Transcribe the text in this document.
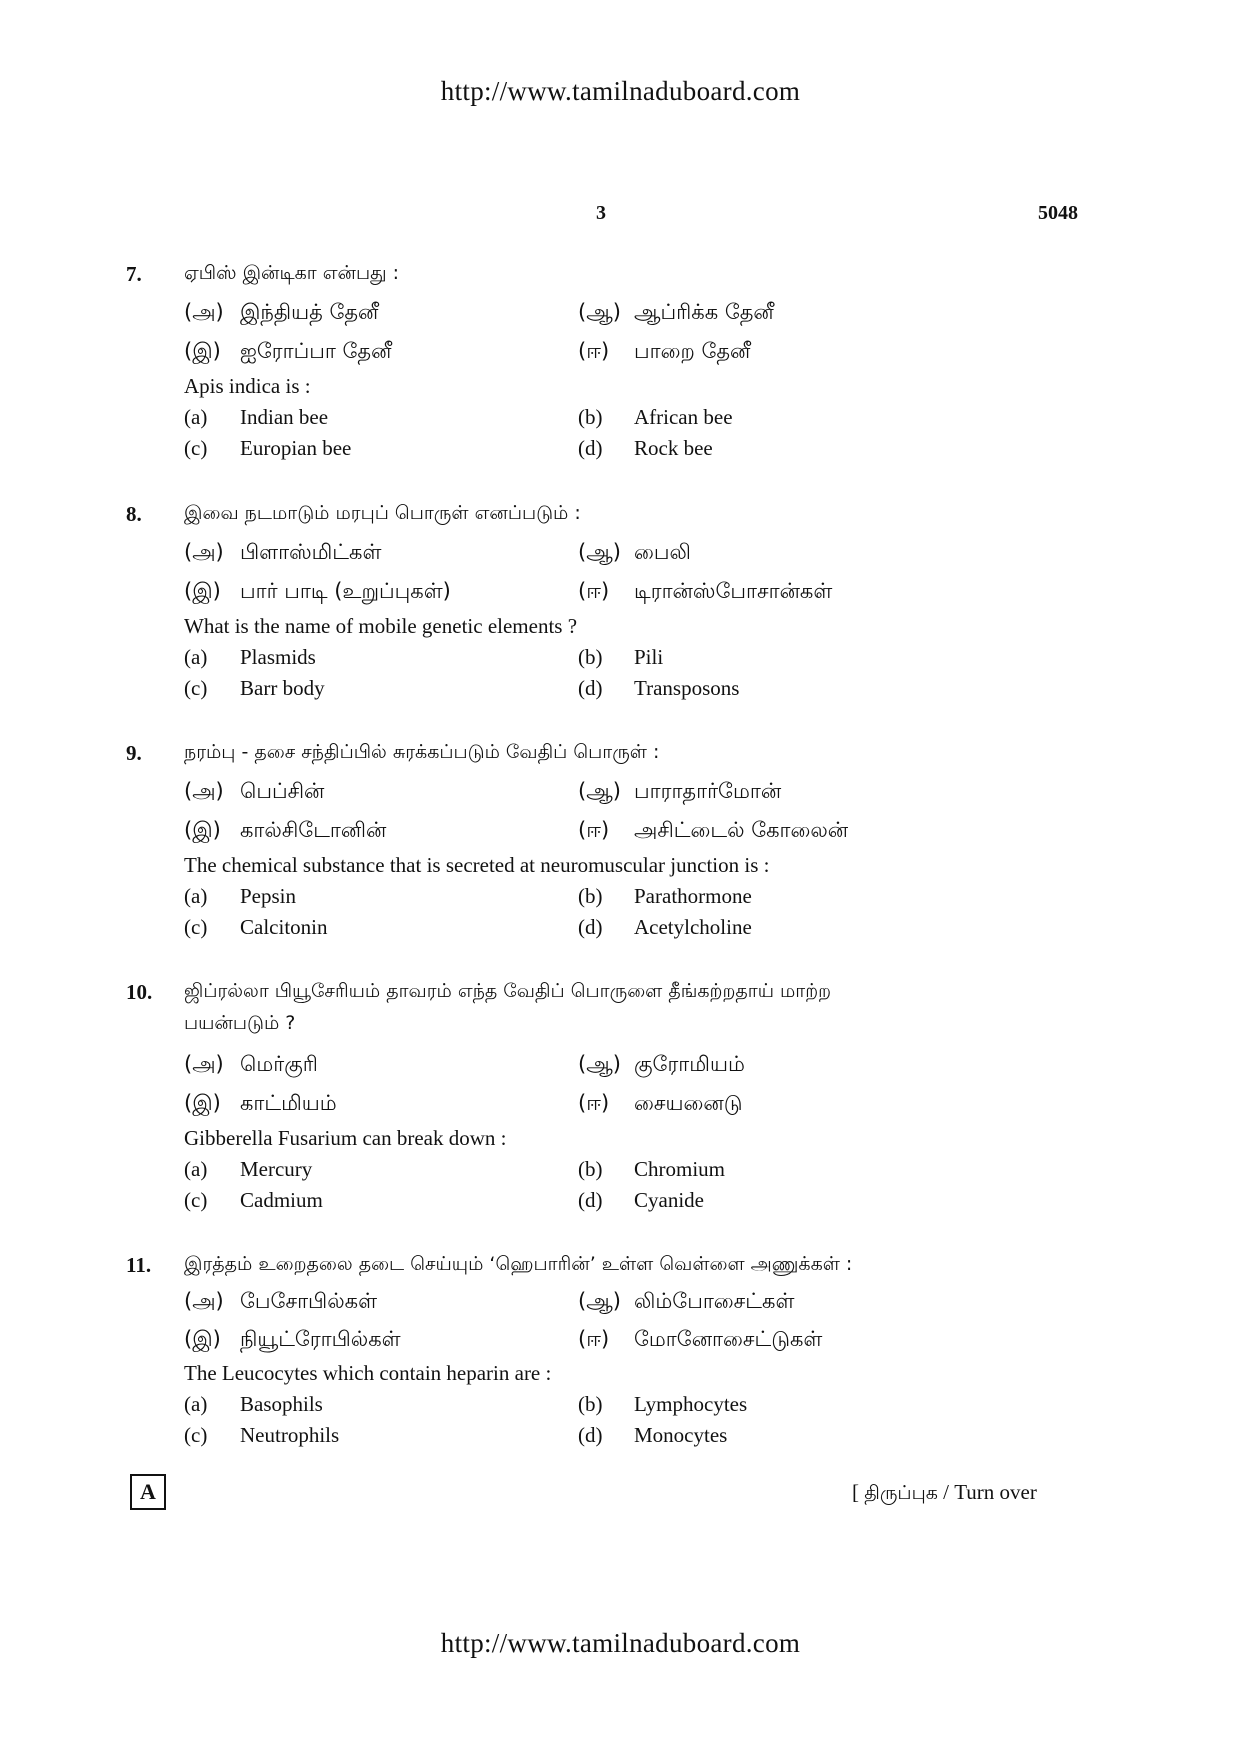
http://www.tamilnaduboard.com
3	5048
7. ஏபிஸ் இன்டிகா என்பது :
(அ) இந்தியத் தேனீ	(ஆ) ஆப்ரிக்க தேனீ
(இ) ஐரோப்பா தேனீ	(ஈ) பாறை தேனீ
Apis indica is :
(a) Indian bee	(b) African bee
(c) Europian bee	(d) Rock bee
8. இவை நடமாடும் மரபுப் பொருள் எனப்படும் :
(அ) பிளாஸ்மிட்கள்	(ஆ) பைலி
(இ) பார் பாடி (உறுப்புகள்)	(ஈ) டிரான்ஸ்போசான்கள்
What is the name of mobile genetic elements ?
(a) Plasmids	(b) Pili
(c) Barr body	(d) Transposons
9. நரம்பு - தசை சந்திப்பில் சுரக்கப்படும் வேதிப் பொருள் :
(அ) பெப்சின்	(ஆ) பாராதார்மோன்
(இ) கால்சிடோனின்	(ஈ) அசிட்டைல் கோலைன்
The chemical substance that is secreted at neuromuscular junction is :
(a) Pepsin	(b) Parathormone
(c) Calcitonin	(d) Acetylcholine
10. ஜிப்ரல்லா பியூசேரியம் தாவரம் எந்த வேதிப் பொருளை தீங்கற்றதாய் மாற்ற
பயன்படும் ?
(அ) மெர்குரி	(ஆ) குரோமியம்
(இ) காட்மியம்	(ஈ) சையனைடு
Gibberella Fusarium can break down :
(a) Mercury	(b) Chromium
(c) Cadmium	(d) Cyanide
11. இரத்தம் உறைதலை தடை செய்யும் ‘ஹெபாரின்’ உள்ள வெள்ளை அணுக்கள் :
(அ) பேசோபில்கள்	(ஆ) லிம்போசைட்கள்
(இ) நியூட்ரோபில்கள்	(ஈ) மோனோசைட்டுகள்
The Leucocytes which contain heparin are :
(a) Basophils	(b) Lymphocytes
(c) Neutrophils	(d) Monocytes
A	[ திருப்புக / Turn over
http://www.tamilnaduboard.com
